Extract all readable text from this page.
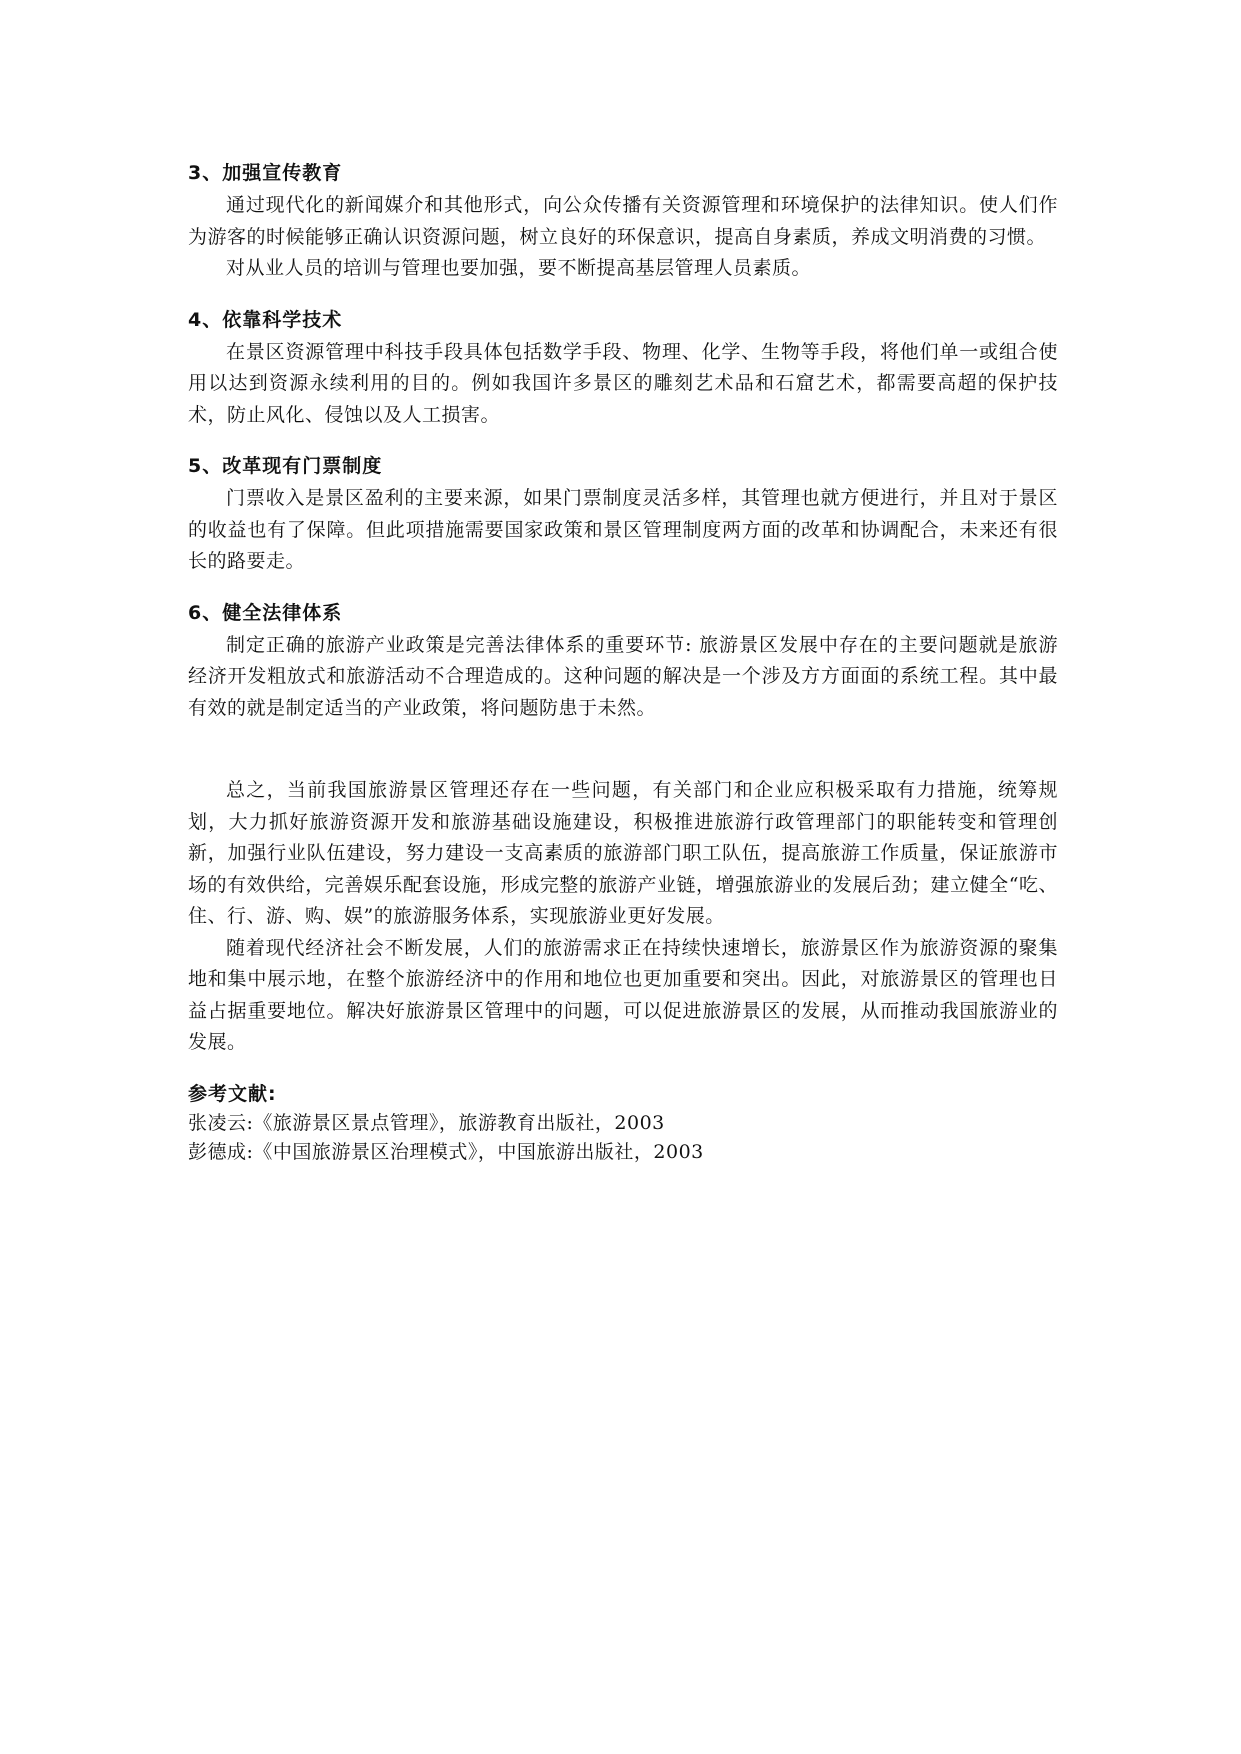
3、加强宣传教育

通过现代化的新闻媒介和其他形式，向公众传播有关资源管理和环境保护的法律知识。使人们作为游客的时候能够正确认识资源问题，树立良好的环保意识，提高自身素质，养成文明消费的习惯。

对从业人员的培训与管理也要加强，要不断提高基层管理人员素质。

4、依靠科学技术

在景区资源管理中科技手段具体包括数学手段、物理、化学、生物等手段，将他们单一或组合使用以达到资源永续利用的目的。例如我国许多景区的雕刻艺术品和石窟艺术，都需要高超的保护技术，防止风化、侵蚀以及人工损害。

5、改革现有门票制度

门票收入是景区盈利的主要来源，如果门票制度灵活多样，其管理也就方便进行，并且对于景区的收益也有了保障。但此项措施需要国家政策和景区管理制度两方面的改革和协调配合，未来还有很长的路要走。

6、健全法律体系

制定正确的旅游产业政策是完善法律体系的重要环节: 旅游景区发展中存在的主要问题就是旅游经济开发粗放式和旅游活动不合理造成的。这种问题的解决是一个涉及方方面面的系统工程。其中最有效的就是制定适当的产业政策，将问题防患于未然。

总之，当前我国旅游景区管理还存在一些问题，有关部门和企业应积极采取有力措施，统筹规划，大力抓好旅游资源开发和旅游基础设施建设，积极推进旅游行政管理部门的职能转变和管理创新，加强行业队伍建设，努力建设一支高素质的旅游部门职工队伍，提高旅游工作质量，保证旅游市场的有效供给，完善娱乐配套设施，形成完整的旅游产业链，增强旅游业的发展后劲；建立健全“吃、住、行、游、购、娱”的旅游服务体系，实现旅游业更好发展。

随着现代经济社会不断发展，人们的旅游需求正在持续快速增长，旅游景区作为旅游资源的聚集地和集中展示地，在整个旅游经济中的作用和地位也更加重要和突出。因此，对旅游景区的管理也日益占据重要地位。解决好旅游景区管理中的问题，可以促进旅游景区的发展，从而推动我国旅游业的发展。

参考文献:

张凌云:《旅游景区景点管理》，旅游教育出版社，2003

彭德成:《中国旅游景区治理模式》，中国旅游出版社，2003
